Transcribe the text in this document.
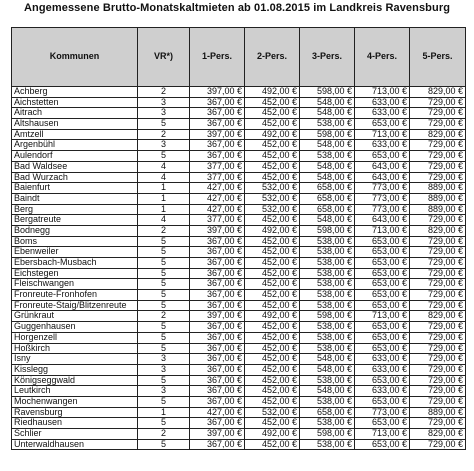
Angemessene Brutto-Monatskaltmieten ab 01.08.2015 im Landkreis Ravensburg
Kommunen	VR*)	1-Pers.	2-Pers.	3-Pers.	4-Pers.	5-Pers.
Achberg	2	397,00 €	492,00 €	598,00 €	713,00 €	829,00 €
Aichstetten	3	367,00 €	452,00 €	548,00 €	633,00 €	729,00 €
Aitrach	3	367,00 €	452,00 €	548,00 €	633,00 €	729,00 €
Altshausen	5	367,00 €	452,00 €	538,00 €	653,00 €	729,00 €
Amtzell	2	397,00 €	492,00 €	598,00 €	713,00 €	829,00 €
Argenbühl	3	367,00 €	452,00 €	548,00 €	633,00 €	729,00 €
Aulendorf	5	367,00 €	452,00 €	538,00 €	653,00 €	729,00 €
Bad Waldsee	4	377,00 €	452,00 €	548,00 €	643,00 €	729,00 €
Bad Wurzach	4	377,00 €	452,00 €	548,00 €	643,00 €	729,00 €
Baienfurt	1	427,00 €	532,00 €	658,00 €	773,00 €	889,00 €
Baindt	1	427,00 €	532,00 €	658,00 €	773,00 €	889,00 €
Berg	1	427,00 €	532,00 €	658,00 €	773,00 €	889,00 €
Bergatreute	4	377,00 €	452,00 €	548,00 €	643,00 €	729,00 €
Bodnegg	2	397,00 €	492,00 €	598,00 €	713,00 €	829,00 €
Boms	5	367,00 €	452,00 €	538,00 €	653,00 €	729,00 €
Ebenweiler	5	367,00 €	452,00 €	538,00 €	653,00 €	729,00 €
Ebersbach-Musbach	5	367,00 €	452,00 €	538,00 €	653,00 €	729,00 €
Eichstegen	5	367,00 €	452,00 €	538,00 €	653,00 €	729,00 €
Fleischwangen	5	367,00 €	452,00 €	538,00 €	653,00 €	729,00 €
Fronreute-Fronhofen	5	367,00 €	452,00 €	538,00 €	653,00 €	729,00 €
Fronreute-Staig/Blitzenreute	5	367,00 €	452,00 €	538,00 €	653,00 €	729,00 €
Grünkraut	2	397,00 €	492,00 €	598,00 €	713,00 €	829,00 €
Guggenhausen	5	367,00 €	452,00 €	538,00 €	653,00 €	729,00 €
Horgenzell	5	367,00 €	452,00 €	538,00 €	653,00 €	729,00 €
Hoßkirch	5	367,00 €	452,00 €	538,00 €	653,00 €	729,00 €
Isny	3	367,00 €	452,00 €	548,00 €	633,00 €	729,00 €
Kisslegg	3	367,00 €	452,00 €	548,00 €	633,00 €	729,00 €
Königseggwald	5	367,00 €	452,00 €	538,00 €	653,00 €	729,00 €
Leutkirch	3	367,00 €	452,00 €	548,00 €	633,00 €	729,00 €
Mochenwangen	5	367,00 €	452,00 €	538,00 €	653,00 €	729,00 €
Ravensburg	1	427,00 €	532,00 €	658,00 €	773,00 €	889,00 €
Riedhausen	5	367,00 €	452,00 €	538,00 €	653,00 €	729,00 €
Schlier	2	397,00 €	492,00 €	598,00 €	713,00 €	829,00 €
Unterwaldhausen	5	367,00 €	452,00 €	538,00 €	653,00 €	729,00 €
